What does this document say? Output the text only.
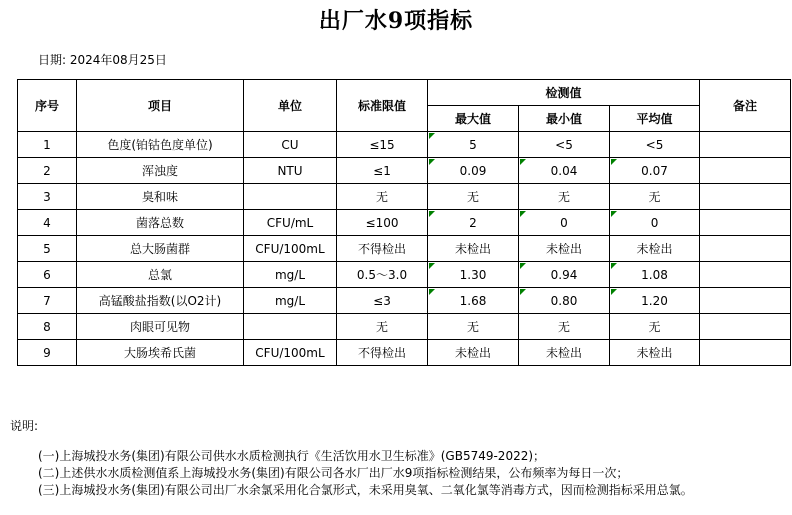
出厂水9项指标
日期: 2024年08月25日
序号	项目	单位	标准限值	检测值			备注
				最大值	最小值	平均值	
1	色度(铂钴色度单位)	CU	≤15	5	<5	<5	
2	浑浊度	NTU	≤1	0.09	0.04	0.07	
3	臭和味		无	无	无	无	
4	菌落总数	CFU/mL	≤100	2	0	0	
5	总大肠菌群	CFU/100mL	不得检出	未检出	未检出	未检出	
6	总氯	mg/L	0.5～3.0	1.30	0.94	1.08	
7	高锰酸盐指数(以O2计)	mg/L	≤3	1.68	0.80	1.20	
8	肉眼可见物		无	无	无	无	
9	大肠埃希氏菌	CFU/100mL	不得检出	未检出	未检出	未检出	
说明:
(一)上海城投水务(集团)有限公司供水水质检测执行《生活饮用水卫生标准》(GB5749-2022)；
(二)上述供水水质检测值系上海城投水务(集团)有限公司各水厂出厂水9项指标检测结果，公布频率为每日一次；
(三)上海城投水务(集团)有限公司出厂水余氯采用化合氯形式，未采用臭氧、二氧化氯等消毒方式，因而检测指标采用总氯。
